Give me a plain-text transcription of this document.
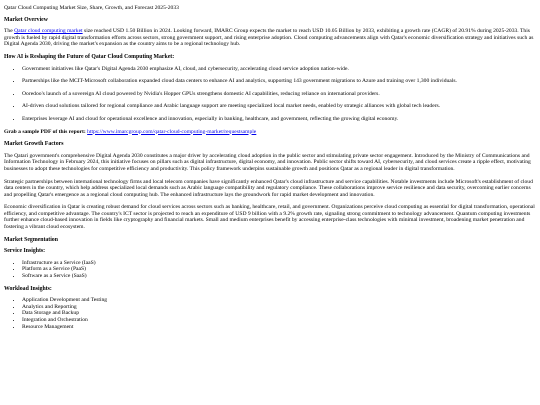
Qatar Cloud Computing Market Size, Share, Growth, and Forecast 2025-2033
Market Overview

The Qatar cloud computing market size reached USD 1.50 Billion in 2024. Looking forward, IMARC Group expects the market to reach USD 10.05 Billion by 2033, exhibiting a growth rate (CAGR) of 20.91% during 2025-2033. This growth is fueled by rapid digital transformation efforts across sectors, strong government support, and rising enterprise adoption. Cloud computing advancements align with Qatar's economic diversification strategy and initiatives such as Digital Agenda 2030, driving the market's expansion as the country aims to be a regional technology hub.

How AI is Reshaping the Future of Qatar Cloud Computing Market:
• Government initiatives like Qatar's Digital Agenda 2030 emphasize AI, cloud, and cybersecurity, accelerating cloud service adoption nation-wide.
• Partnerships like the MCIT-Microsoft collaboration expanded cloud data centers to enhance AI and analytics, supporting 143 government migrations to Azure and training over 1,300 individuals.
• Ooredoo's launch of a sovereign AI cloud powered by Nvidia's Hopper GPUs strengthens domestic AI capabilities, reducing reliance on international providers.
• AI-driven cloud solutions tailored for regional compliance and Arabic language support are meeting specialized local market needs, enabled by strategic alliances with global tech leaders.
• Enterprises leverage AI and cloud for operational excellence and innovation, especially in banking, healthcare, and government, reflecting the growing digital economy.

Grab a sample PDF of this report: https://www.imarcgroup.com/qatar-cloud-computing-market/requestsample

Market Growth Factors

The Qatari government's comprehensive Digital Agenda 2030 constitutes a major driver by accelerating cloud adoption in the public sector and stimulating private sector engagement. Introduced by the Ministry of Communications and Information Technology in February 2024, this initiative focuses on pillars such as digital infrastructure, digital economy, and innovation. Public sector shifts toward AI, cybersecurity, and cloud services create a ripple effect, motivating businesses to adopt these technologies for competitive efficiency and productivity. This policy framework underpins sustainable growth and positions Qatar as a regional leader in digital transformation.

Strategic partnerships between international technology firms and local telecom companies have significantly enhanced Qatar's cloud infrastructure and service capabilities. Notable investments include Microsoft's establishment of cloud data centers in the country, which help address specialized local demands such as Arabic language compatibility and regulatory compliance. These collaborations improve service resilience and data security, overcoming earlier concerns and propelling Qatar's emergence as a regional cloud computing hub. The enhanced infrastructure lays the groundwork for rapid market development and innovation.

Economic diversification in Qatar is creating robust demand for cloud services across sectors such as banking, healthcare, retail, and government. Organizations perceive cloud computing as essential for digital transformation, operational efficiency, and competitive advantage. The country's ICT sector is projected to reach an expenditure of USD 9 billion with a 9.2% growth rate, signaling strong commitment to technology advancement. Quantum computing investments further enhance cloud-based innovation in fields like cryptography and financial markets. Small and medium enterprises benefit by accessing enterprise-class technologies with minimal investment, broadening market penetration and fostering a vibrant cloud ecosystem.

Market Segmentation
Service Insights:
• Infrastructure as a Service (IaaS)
• Platform as a Service (PaaS)
• Software as a Service (SaaS)
Workload Insights:
• Application Development and Testing
• Analytics and Reporting
• Data Storage and Backup
• Integration and Orchestration
• Resource Management
